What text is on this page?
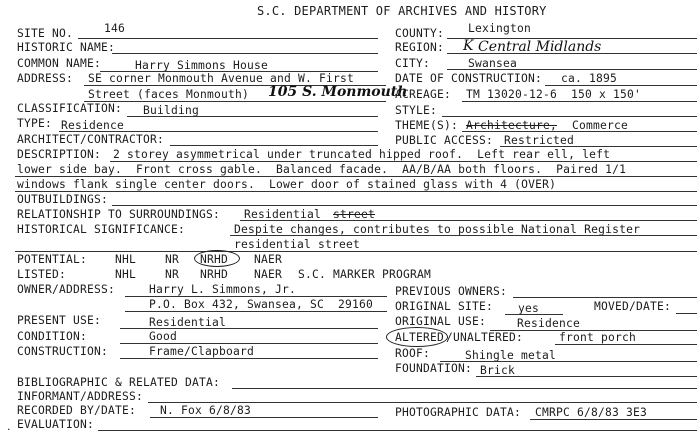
S.C. DEPARTMENT OF ARCHIVES AND HISTORY
SITE NO.	146	COUNTY: Lexington
HISTORIC NAME:	REGION: K Central Midlands
COMMON NAME:	Harry Simmons House	CITY:	Swansea
ADDRESS: SE corner Monmouth Avenue and W. First	DATE OF CONSTRUCTION: ca. 1895
Street (faces Monmouth) 105 S. Monmouth
ACREAGE: TM 13020-12-6  150 x 150'
CLASSIFICATION: Building	STYLE:
TYPE: Residence	THEME(S): Architecture, Commerce
ARCHITECT/CONTRACTOR:	PUBLIC ACCESS: Restricted
DESCRIPTION: 2 storey asymmetrical under truncated hipped roof.  Left rear ell, left
lower side bay.  Front cross gable.  Balanced facade.  AA/B/AA both floors.  Paired 1/1
windows flank single center doors.  Lower door of stained glass with 4 (OVER)
OUTBUILDINGS:
RELATIONSHIP TO SURROUNDINGS: Residential street
HISTORICAL SIGNIFICANCE:	Despite changes, contributes to possible National Register
residential street
POTENTIAL: NHL	NR NRHD NAER
LISTED:	NHL	NR NRHD NAER S.C. MARKER PROGRAM
OWNER/ADDRESS:	Harry L. Simmons, Jr.
P.O. Box 432, Swansea, SC  29160
PREVIOUS OWNERS:
ORIGINAL SITE: yes	MOVED/DATE:
PRESENT USE:	Residential	ORIGINAL USE:	Residence
CONDITION:	Good	ALTERED /UNALTERED:	front porch
CONSTRUCTION:	Frame/Clapboard	ROOF:	Shingle metal
FOUNDATION: Brick
BIBLIOGRAPHIC & RELATED DATA:
INFORMANT/ADDRESS:
RECORDED BY/DATE: N. Fox 6/8/83	PHOTOGRAPHIC DATA: CMRPC 6/8/83 3E3
EVALUATION:
.
